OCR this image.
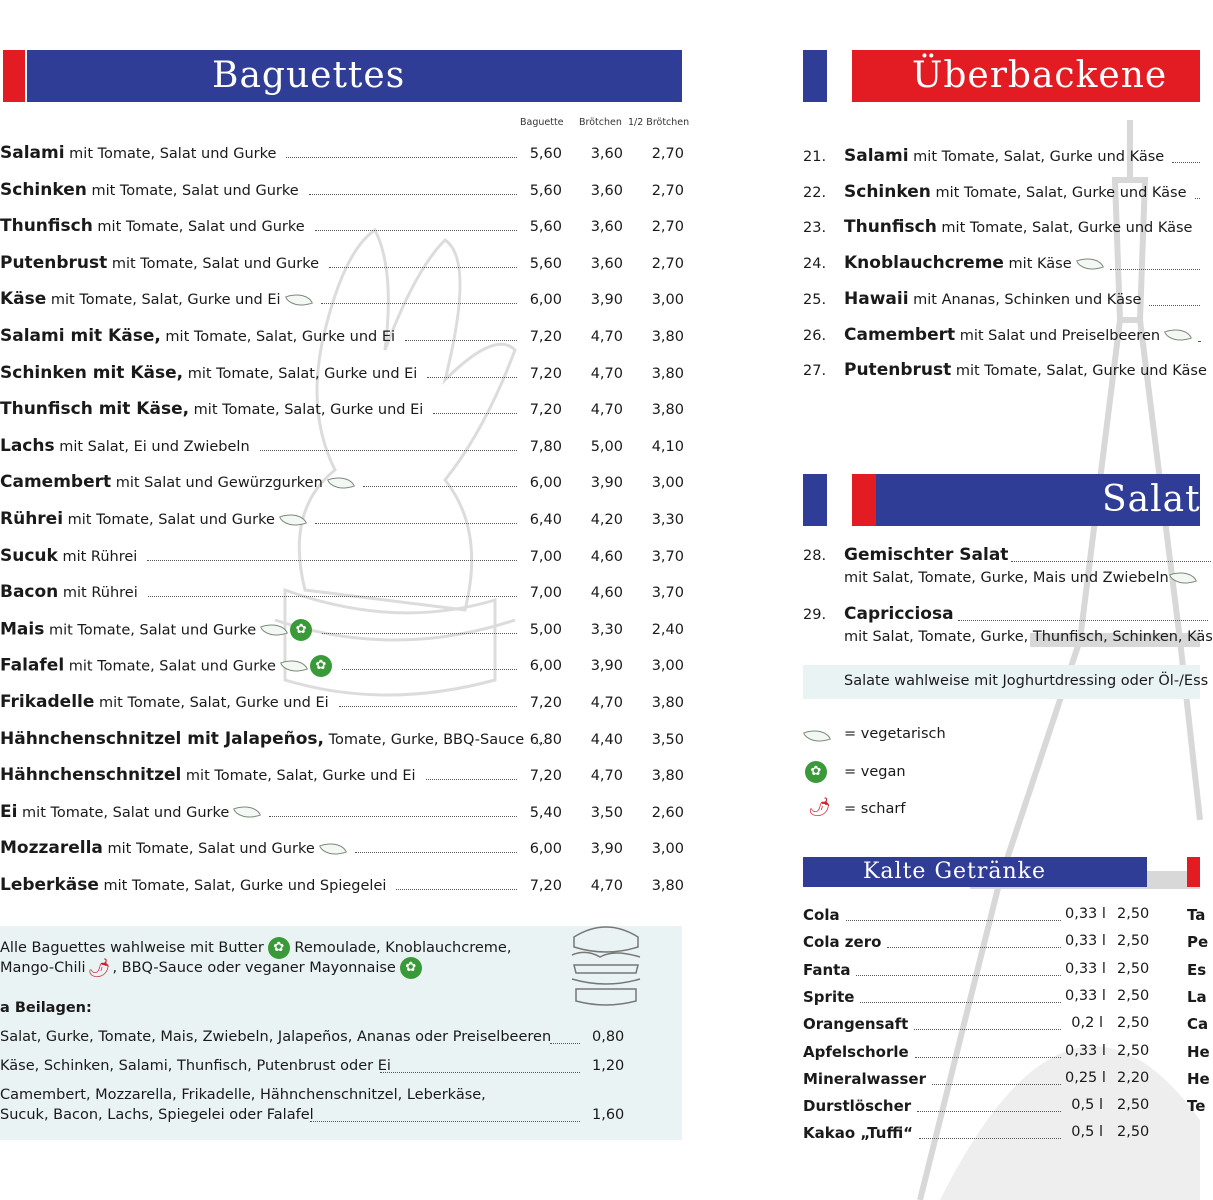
Baguettes
Baguette Brötchen 1/2 Brötchen
Salami mit Tomate, Salat und Gurke	5,60	3,60	2,70
Schinken mit Tomate, Salat und Gurke	5,60	3,60	2,70
Thunfisch mit Tomate, Salat und Gurke	5,60	3,60	2,70
Putenbrust mit Tomate, Salat und Gurke	5,60	3,60	2,70
Käse mit Tomate, Salat, Gurke und Ei	6,00	3,90	3,00
Salami mit Käse, mit Tomate, Salat, Gurke und Ei	7,20	4,70	3,80
Schinken mit Käse, mit Tomate, Salat, Gurke und Ei	7,20	4,70	3,80
Thunfisch mit Käse, mit Tomate, Salat, Gurke und Ei	7,20	4,70	3,80
Lachs mit Salat, Ei und Zwiebeln	7,80	5,00	4,10
Camembert mit Salat und Gewürzgurken	6,00	3,90	3,00
Rührei mit Tomate, Salat und Gurke	6,40	4,20	3,30
Sucuk mit Rührei	7,00	4,60	3,70
Bacon mit Rührei	7,00	4,60	3,70
Mais mit Tomate, Salat und Gurke	✿	5,00	3,30	2,40
Falafel mit Tomate, Salat und Gurke	✿	6,00	3,90	3,00
Frikadelle mit Tomate, Salat, Gurke und Ei	7,20	4,70	3,80
Hähnchenschnitzel mit Jalapeños, Tomate, Gurke, BBQ-Sauce 6,80	4,40	3,50
Hähnchenschnitzel mit Tomate, Salat, Gurke und Ei	7,20	4,70	3,80
Ei mit Tomate, Salat und Gurke	5,40	3,50	2,60
Mozzarella mit Tomate, Salat und Gurke	6,00	3,90	3,00
Leberkäse mit Tomate, Salat, Gurke und Spiegelei	7,20	4,70	3,80
Alle Baguettes wahlweise mit Butter ✿ Remoulade, Knoblauchcreme,
Mango-Chili 🌶 , BBQ-Sauce oder veganer Mayonnaise ✿
a Beilagen:
Salat, Gurke, Tomate, Mais, Zwiebeln, Jalapeños, Ananas oder Preiselbeeren	0,80
Käse, Schinken, Salami, Thunfisch, Putenbrust oder Ei	1,20
Camembert, Mozzarella, Frikadelle, Hähnchenschnitzel, Leberkäse,
Sucuk, Bacon, Lachs, Spiegelei oder Falafel	1,60
Überbackene
21. Salami mit Tomate, Salat, Gurke und Käse
22. Schinken mit Tomate, Salat, Gurke und Käse
23. Thunfisch mit Tomate, Salat, Gurke und Käse
24. Knoblauchcreme mit Käse
25. Hawaii mit Ananas, Schinken und Käse
26. Camembert mit Salat und Preiselbeeren
27. Putenbrust mit Tomate, Salat, Gurke und Käse
Salat
28. Gemischter Salat
mit Salat, Tomate, Gurke, Mais und Zwiebeln
29. Capricciosa
mit Salat, Tomate, Gurke, Thunfisch, Schinken, Käs
Salate wahlweise mit Joghurtdressing oder Öl-/Ess
= vegetarisch
✿	= vegan
🌶 = scharf
Kalte Getränke
Cola	0,33 l 2,50
Cola zero	0,33 l 2,50
Fanta	0,33 l 2,50
Sprite	0,33 l 2,50
Orangensaft	0,2 l 2,50
Apfelschorle	0,33 l 2,50
Mineralwasser	0,25 l 2,20
Durstlöscher	0,5 l 2,50
Kakao „Tuffi“	0,5 l 2,50
Ta
Pe
Es
La
Ca
He
He
Te
